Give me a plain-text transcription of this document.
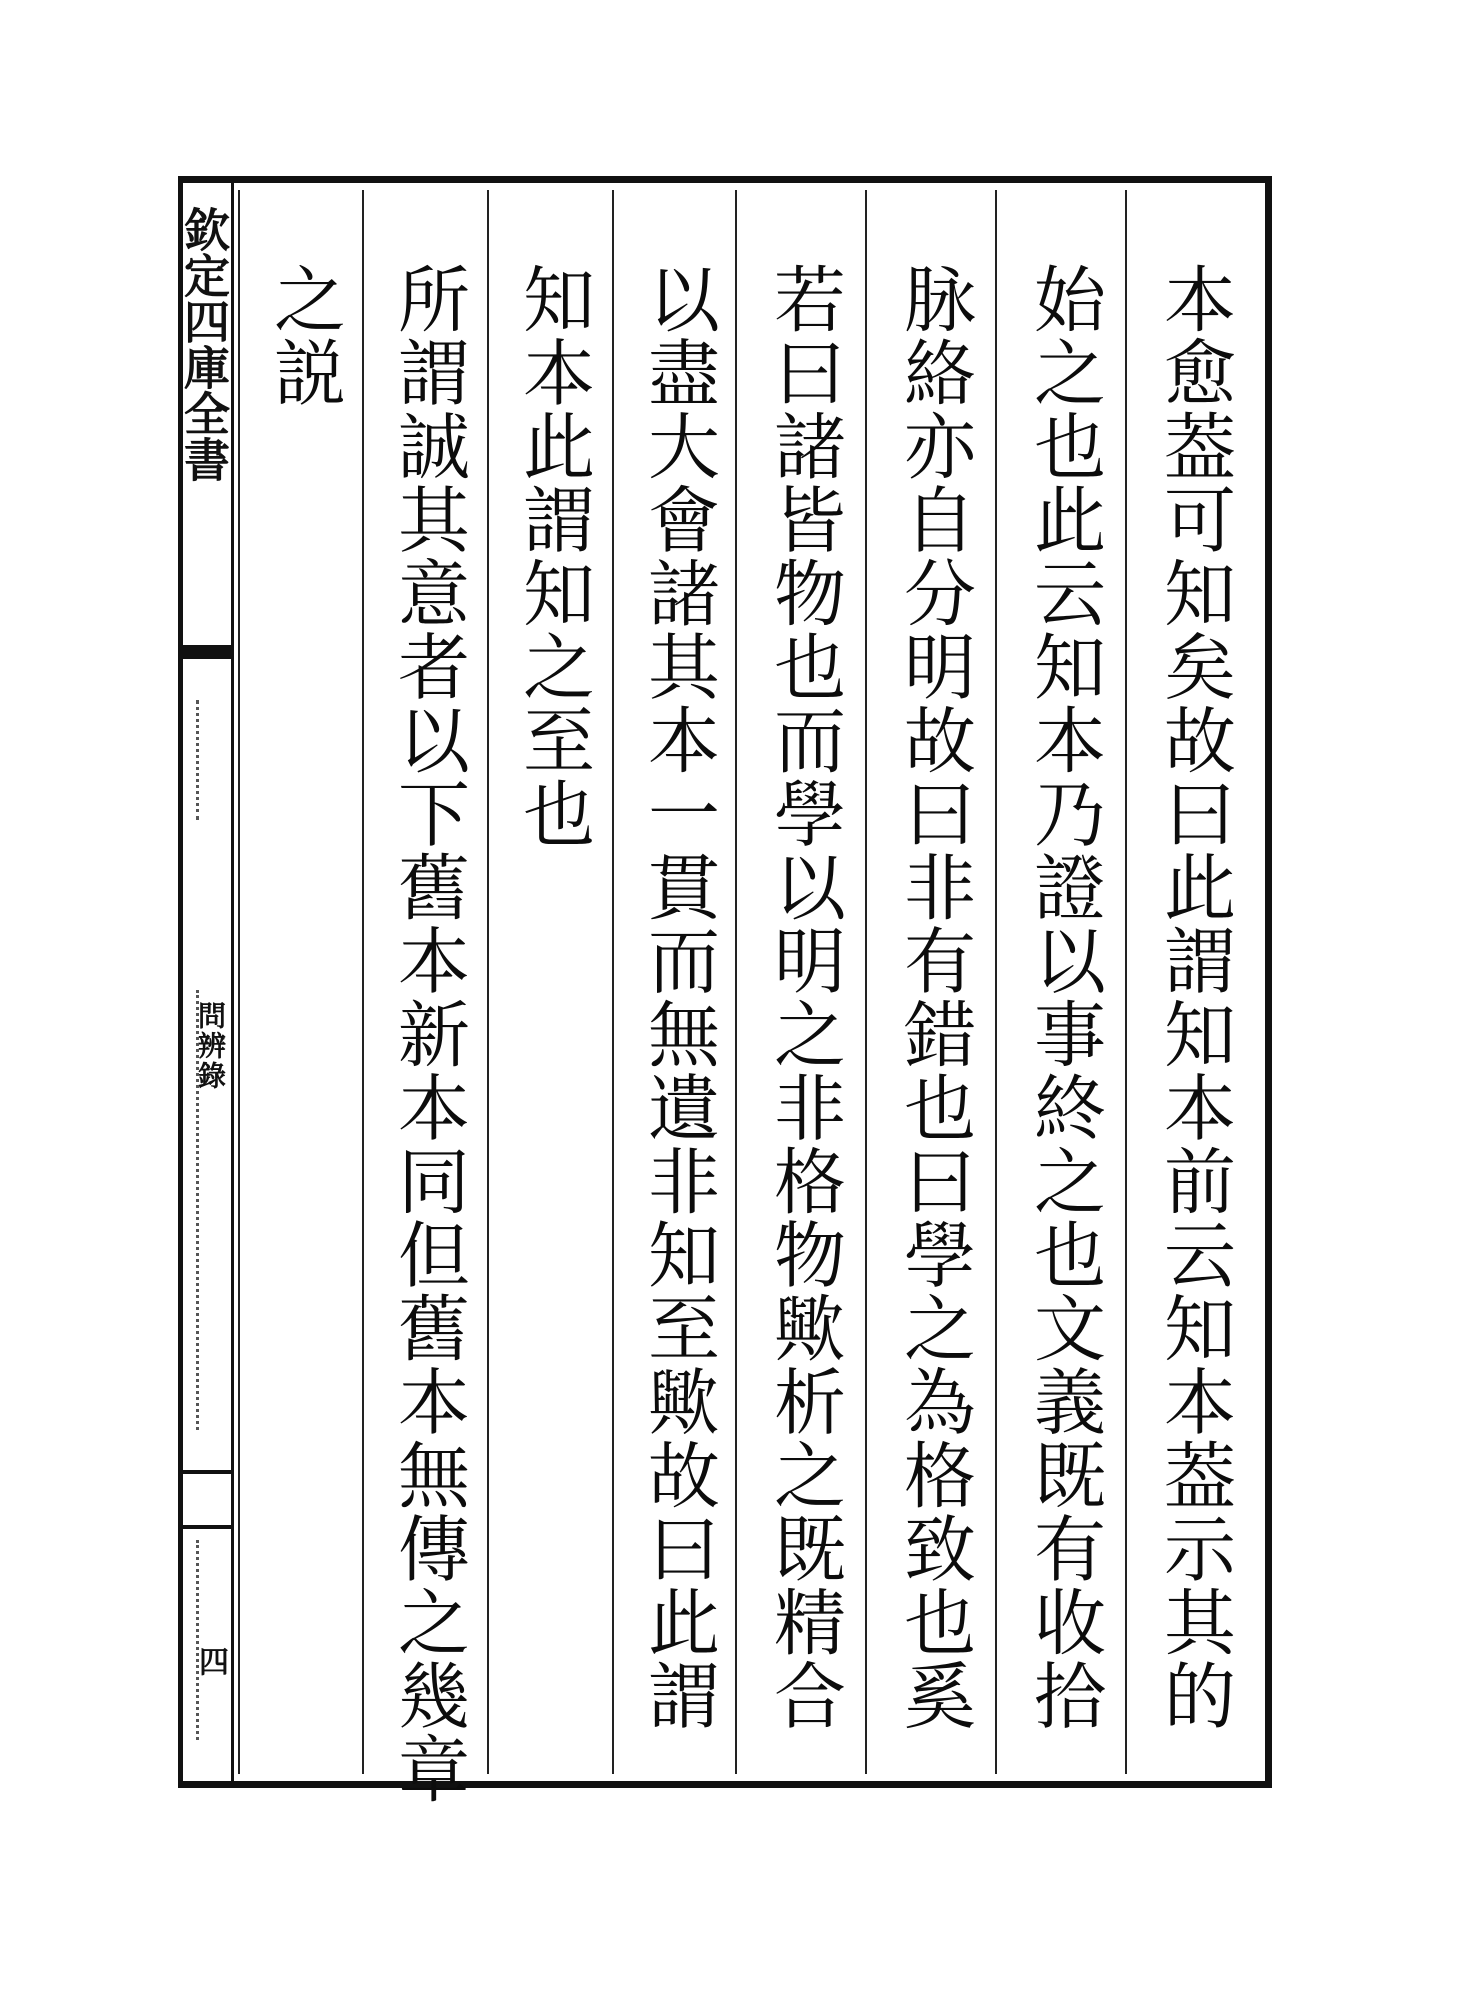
欽定四庫全書
問辨錄
四	本愈葢可知矣故曰此謂知本前云知本葢示其的
始之也此云知本乃證以事終之也文義既有收拾
脉絡亦自分明故曰非有錯也曰學之為格致也奚
若曰諸皆物也而學以明之非格物歟析之既精合
以盡大會諸其本一貫而無遺非知至歟故曰此謂
知本此謂知之至也
所謂誠其意者以下舊本新本同但舊本無傳之幾章
之説
